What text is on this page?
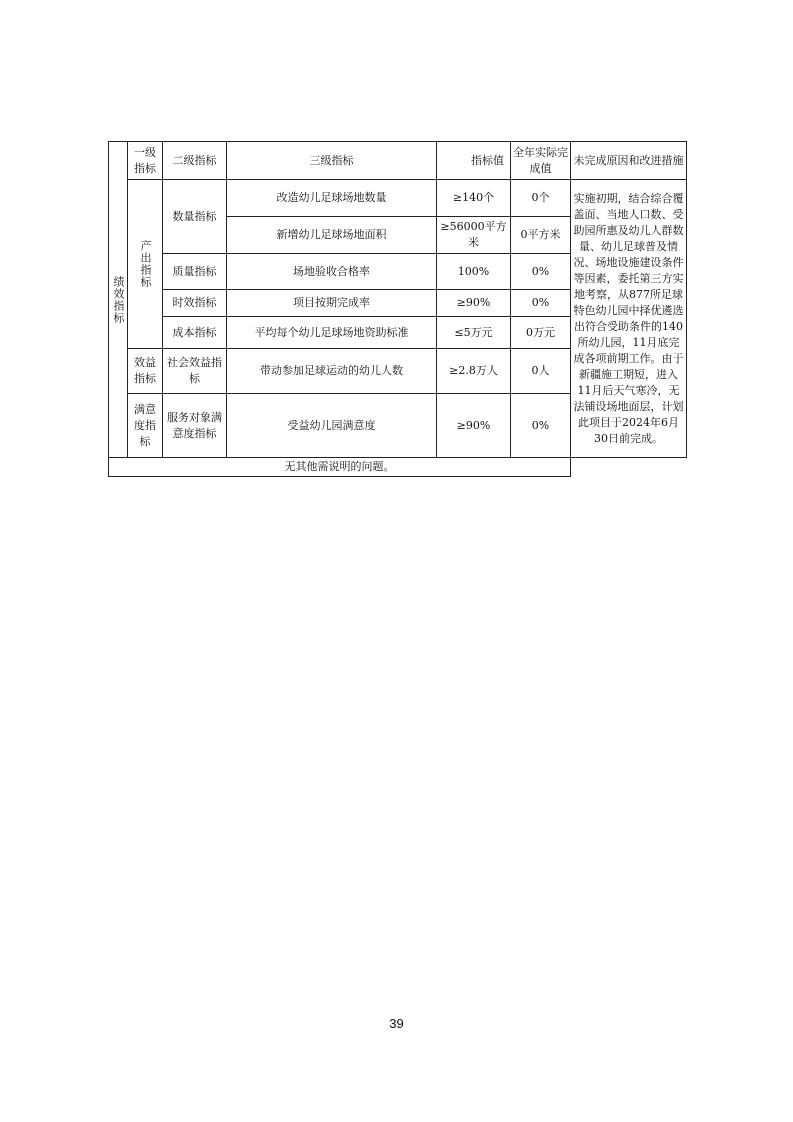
绩效指标	一级指标	二级指标	三级指标	指标值	全年实际完成值	未完成原因和改进措施

	产出指标	数量指标	改造幼儿足球场地数量	≥140个	0个	实施初期，结合综合覆盖面、当地人口数、受助园所惠及幼儿人群数量、幼儿足球普及情况、场地设施建设条件等因素，委托第三方实地考察，从877所足球特色幼儿园中择优遴选出符合受助条件的140所幼儿园，11月底完成各项前期工作。由于新疆施工期短，进入11月后天气寒冷，无法铺设场地面层，计划此项目于2024年6月30日前完成。
			新增幼儿足球场地面积	≥56000平方米	0平方米	
		质量指标	场地验收合格率	100%	0%	
		时效指标	项目按期完成率	≥90%	0%	
		成本指标	平均每个幼儿足球场地资助标准	≤5万元	0万元	
	效益指标	社会效益指标	带动参加足球运动的幼儿人数	≥2.8万人	0人	
	满意度指标	服务对象满意度指标	受益幼儿园满意度	≥90%	0%	
无其他需说明的问题。						
39
